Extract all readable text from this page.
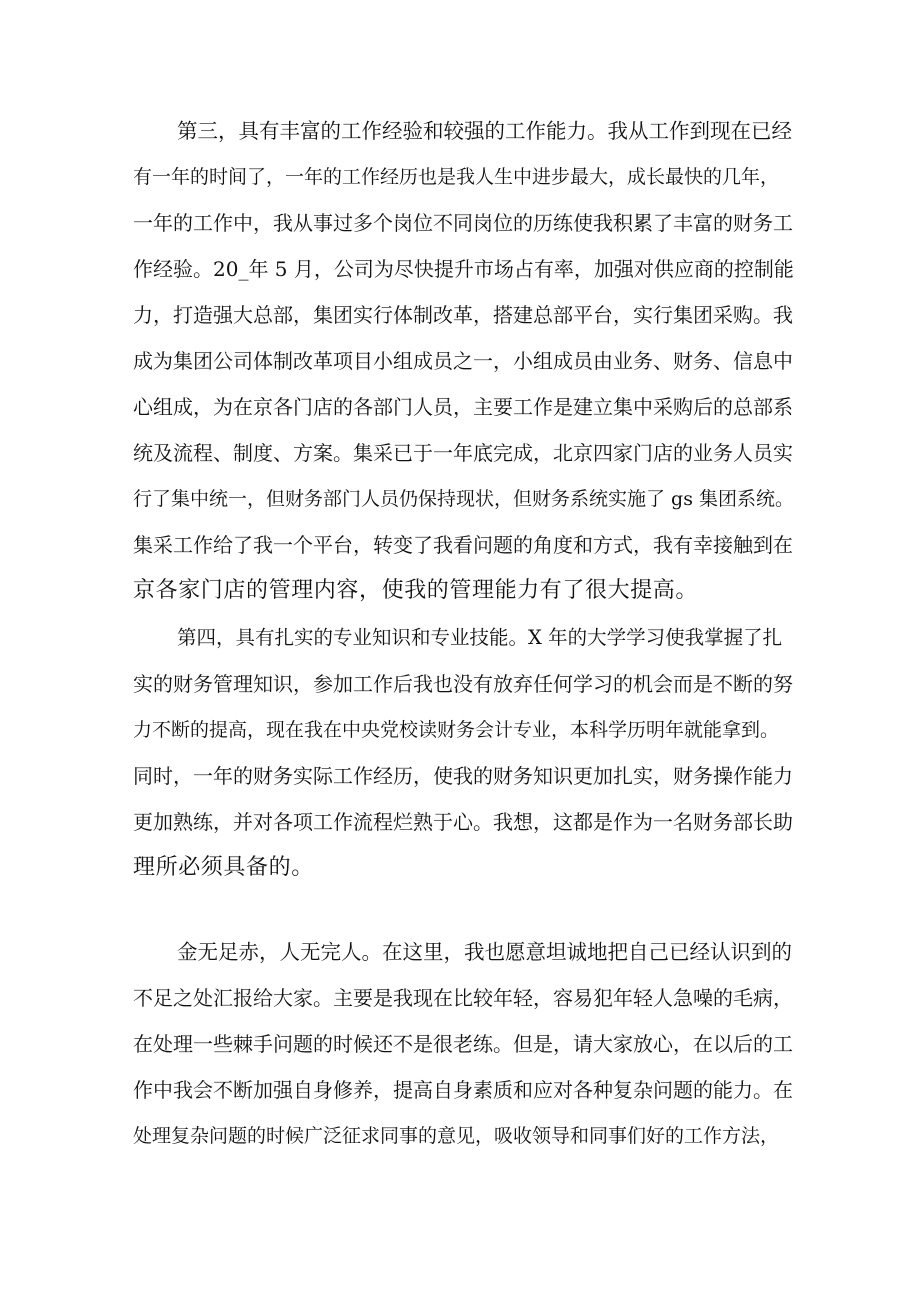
第三，具有丰富的工作经验和较强的工作能力。我从工作到现在已经
有一年的时间了，一年的工作经历也是我人生中进步最大，成长最快的几年，
一年的工作中，我从事过多个岗位不同岗位的历练使我积累了丰富的财务工
作经验。20_年 5 月，公司为尽快提升市场占有率，加强对供应商的控制能
力，打造强大总部，集团实行体制改革，搭建总部平台，实行集团采购。我
成为集团公司体制改革项目小组成员之一，小组成员由业务、财务、信息中
心组成，为在京各门店的各部门人员，主要工作是建立集中采购后的总部系
统及流程、制度、方案。集采已于一年底完成，北京四家门店的业务人员实
行了集中统一，但财务部门人员仍保持现状，但财务系统实施了 gs 集团系统。
集采工作给了我一个平台，转变了我看问题的角度和方式，我有幸接触到在
京各家门店的管理内容，使我的管理能力有了很大提高。
第四，具有扎实的专业知识和专业技能。X 年的大学学习使我掌握了扎
实的财务管理知识，参加工作后我也没有放弃任何学习的机会而是不断的努
力不断的提高，现在我在中央党校读财务会计专业，本科学历明年就能拿到。
同时，一年的财务实际工作经历，使我的财务知识更加扎实，财务操作能力
更加熟练，并对各项工作流程烂熟于心。我想，这都是作为一名财务部长助
理所必须具备的。
金无足赤，人无完人。在这里，我也愿意坦诚地把自己已经认识到的
不足之处汇报给大家。主要是我现在比较年轻，容易犯年轻人急噪的毛病，
在处理一些棘手问题的时候还不是很老练。但是，请大家放心，在以后的工
作中我会不断加强自身修养，提高自身素质和应对各种复杂问题的能力。在
处理复杂问题的时候广泛征求同事的意见，吸收领导和同事们好的工作方法，
